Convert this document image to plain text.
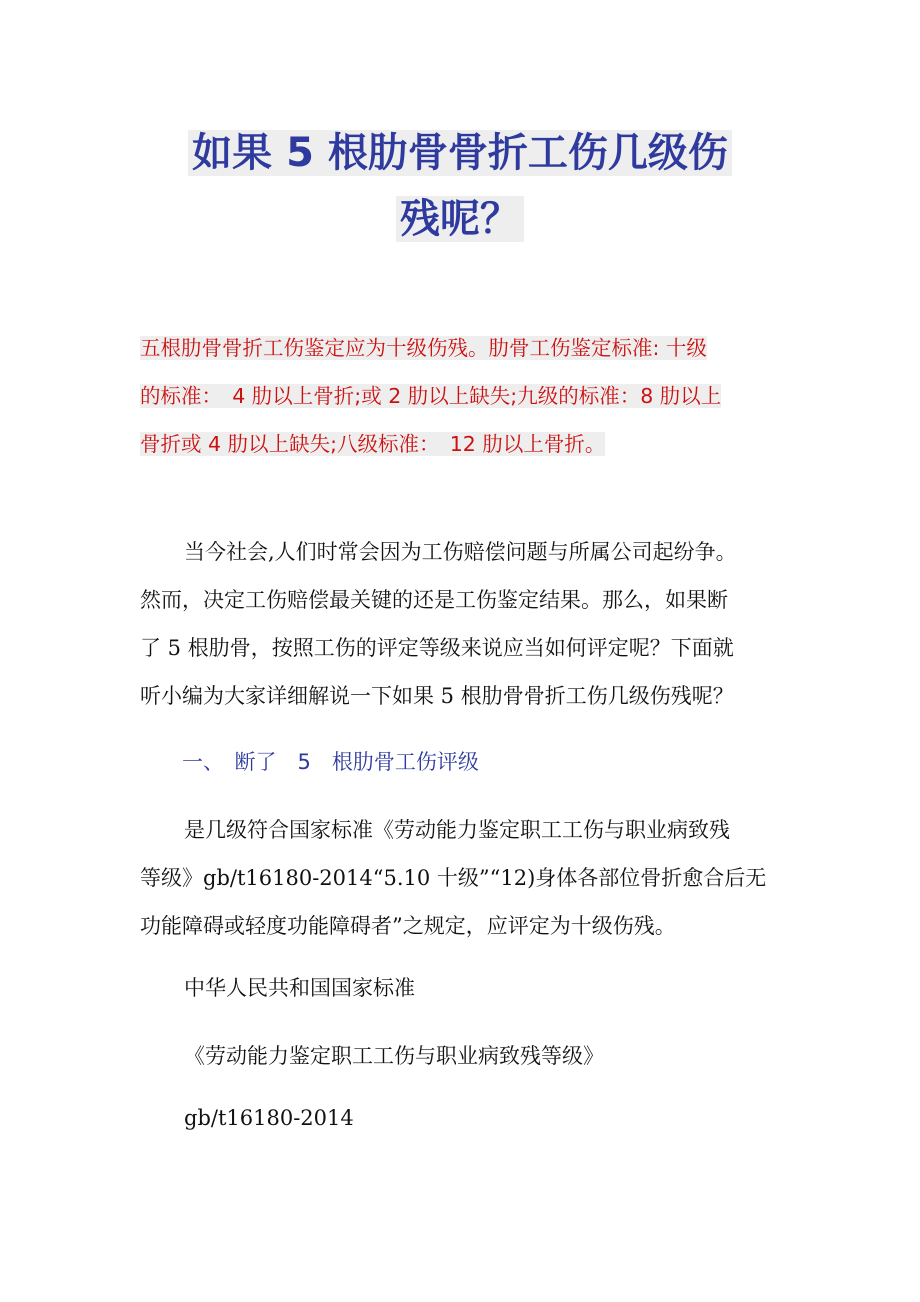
如果 5 根肋骨骨折工伤几级伤
残呢？
五根肋骨骨折工伤鉴定应为十级伤残。肋骨工伤鉴定标准: 十级
的标准：　4 肋以上骨折;或 2 肋以上缺失;九级的标准：8 肋以上
骨折或 4 肋以上缺失;八级标准：　12 肋以上骨折。
当今社会,人们时常会因为工伤赔偿问题与所属公司起纷争。
然而，决定工伤赔偿最关键的还是工伤鉴定结果。那么，如果断
了 5 根肋骨，按照工伤的评定等级来说应当如何评定呢？下面就
听小编为大家详细解说一下如果 5 根肋骨骨折工伤几级伤残呢？
一、　断了　5　根肋骨工伤评级
是几级符合国家标准《劳动能力鉴定职工工伤与职业病致残
等级》gb/t16180-2014“5.10 十级”“12)身体各部位骨折愈合后无
功能障碍或轻度功能障碍者”之规定，应评定为十级伤残。
中华人民共和国国家标准
《劳动能力鉴定职工工伤与职业病致残等级》
gb/t16180-2014
